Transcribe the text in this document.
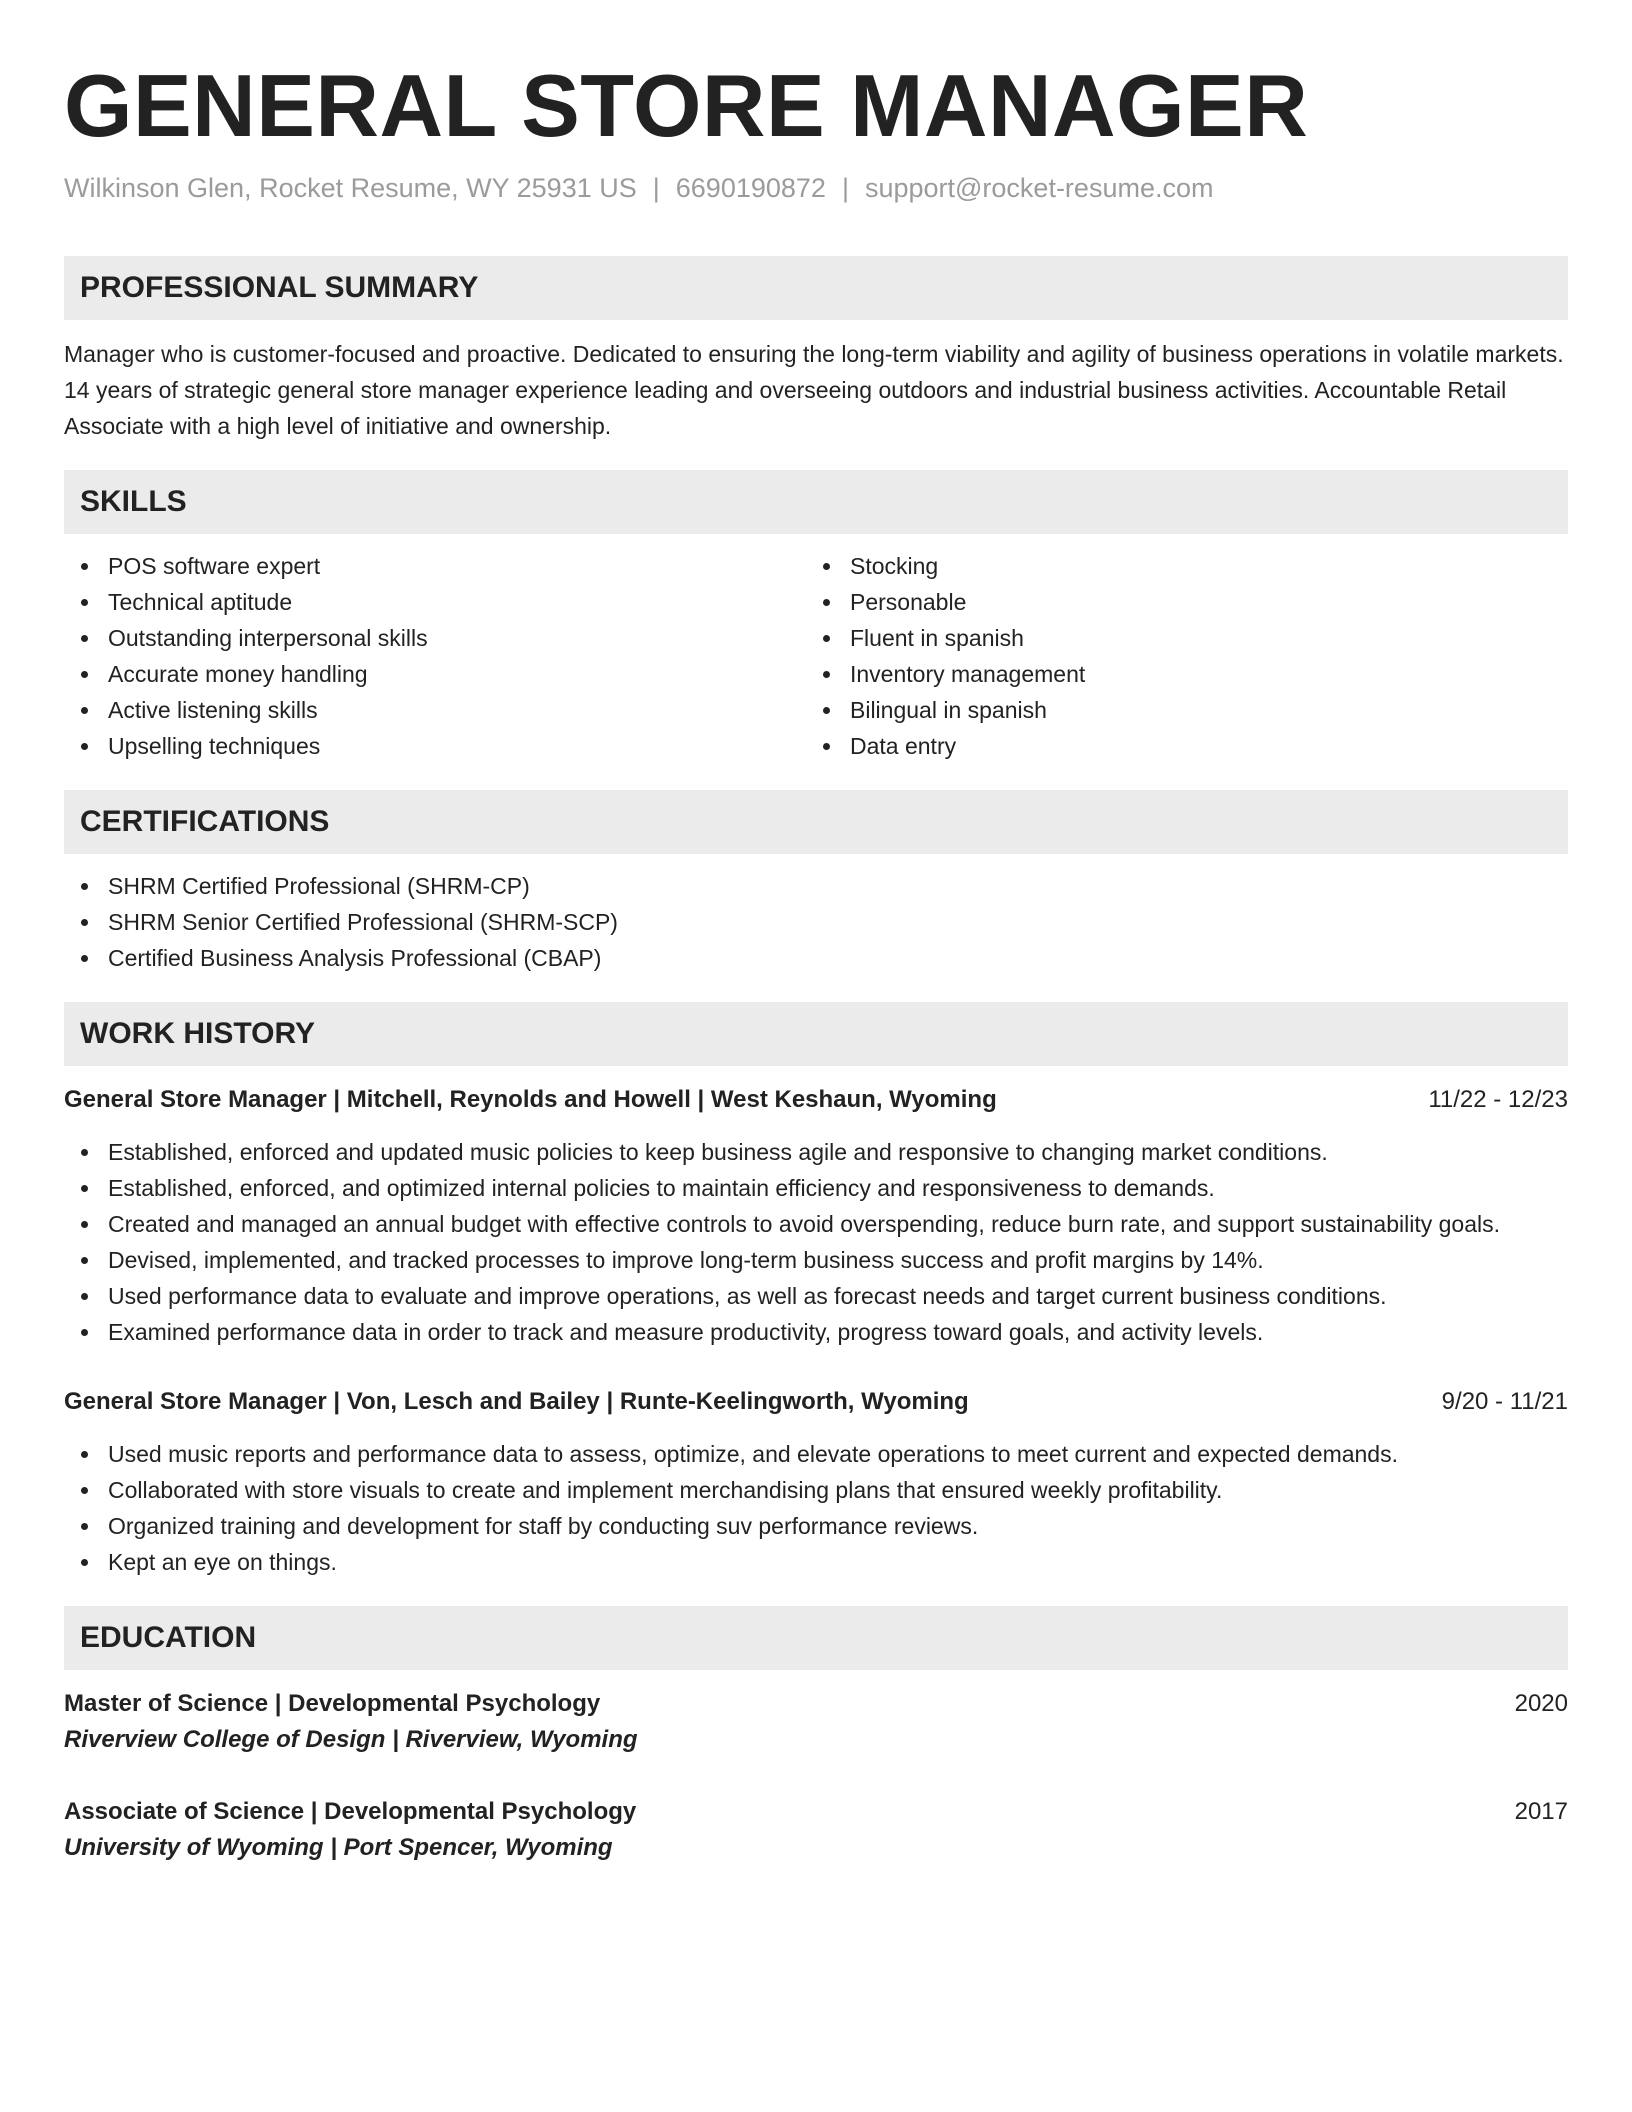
GENERAL STORE MANAGER
Wilkinson Glen, Rocket Resume, WY 25931 US | 6690190872 | support@rocket-resume.com
PROFESSIONAL SUMMARY

Manager who is customer-focused and proactive. Dedicated to ensuring the long-term viability and agility of business operations in volatile markets. 14 years of strategic general store manager experience leading and overseeing outdoors and industrial business activities. Accountable Retail Associate with a high level of initiative and ownership.

SKILLS
POS software expert
Technical aptitude
Outstanding interpersonal skills
Accurate money handling
Active listening skills
Upselling techniques
Stocking
Personable
Fluent in spanish
Inventory management
Bilingual in spanish
Data entry
CERTIFICATIONS
SHRM Certified Professional (SHRM-CP)
SHRM Senior Certified Professional (SHRM-SCP)
Certified Business Analysis Professional (CBAP)
WORK HISTORY
General Store Manager | Mitchell, Reynolds and Howell | West Keshaun, Wyoming	11/22 - 12/23
Established, enforced and updated music policies to keep business agile and responsive to changing market conditions.
Established, enforced, and optimized internal policies to maintain efficiency and responsiveness to demands.
Created and managed an annual budget with effective controls to avoid overspending, reduce burn rate, and support sustainability goals.
Devised, implemented, and tracked processes to improve long-term business success and profit margins by 14%.
Used performance data to evaluate and improve operations, as well as forecast needs and target current business conditions.
Examined performance data in order to track and measure productivity, progress toward goals, and activity levels.
General Store Manager | Von, Lesch and Bailey | Runte-Keelingworth, Wyoming	9/20 - 11/21
Used music reports and performance data to assess, optimize, and elevate operations to meet current and expected demands.
Collaborated with store visuals to create and implement merchandising plans that ensured weekly profitability.
Organized training and development for staff by conducting suv performance reviews.
Kept an eye on things.
EDUCATION
Master of Science | Developmental Psychology	2020
Riverview College of Design | Riverview, Wyoming
Associate of Science | Developmental Psychology	2017
University of Wyoming | Port Spencer, Wyoming
